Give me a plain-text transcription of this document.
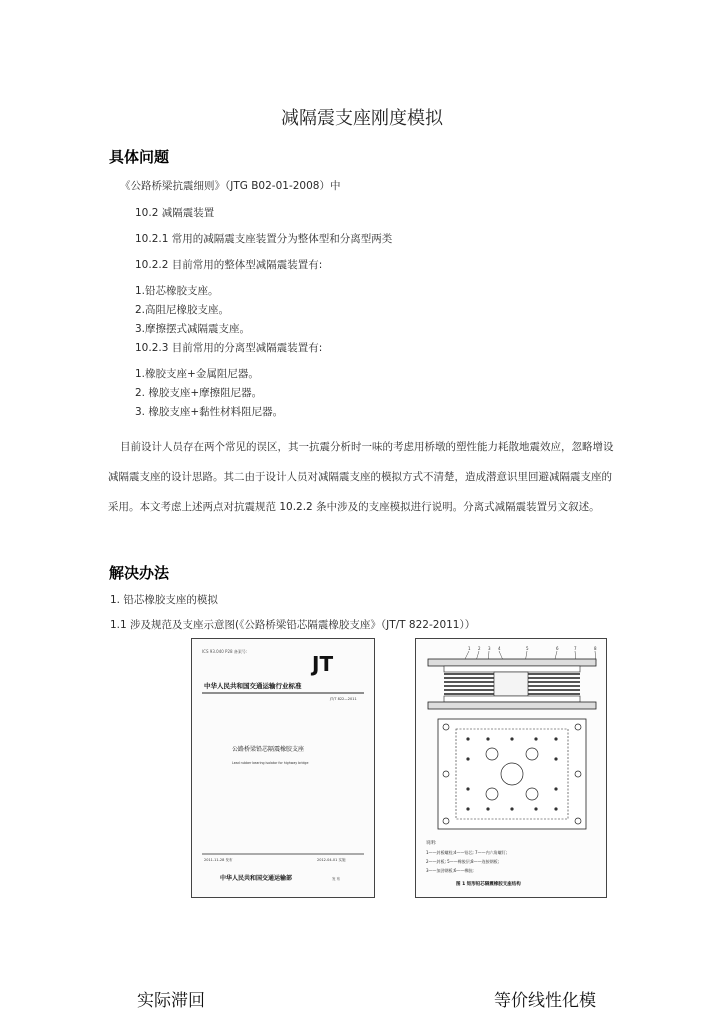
减隔震支座刚度模拟
具体问题
《公路桥梁抗震细则》（JTG B02-01-2008）中
10.2 减隔震装置
10.2.1 常用的减隔震支座装置分为整体型和分离型两类
10.2.2 目前常用的整体型减隔震装置有:
1.铅芯橡胶支座。
2.高阻尼橡胶支座。
3.摩擦摆式减隔震支座。
10.2.3 目前常用的分离型减隔震装置有:
1.橡胶支座+金属阻尼器。
2. 橡胶支座+摩擦阻尼器。
3. 橡胶支座+黏性材料阻尼器。
目前设计人员存在两个常见的误区，其一抗震分析时一味的考虑用桥墩的塑性能力耗散地震效应，忽略增设减隔震支座的设计思路。其二由于设计人员对减隔震支座的模拟方式不清楚，造成潜意识里回避减隔震支座的采用。本文考虑上述两点对抗震规范 10.2.2 条中涉及的支座模拟进行说明。分离式减隔震装置另文叙述。
解决办法
1. 铅芯橡胶支座的模拟
1.1 涉及规范及支座示意图(《公路桥梁铅芯隔震橡胶支座》（JT/T 822-2011））
ICS 93.040 P28 备案号:
JT
中华人民共和国交通运输行业标准
JT/T 822—2011
公路桥梁铅芯隔震橡胶支座
Lead rubber bearing isolator for highway bridge
2011-11-28 发布	2012-04-01 实施
中华人民共和国交通运输部	发 布
1 2 3 4	5	6	7	8
说明:
1——封板螺栓;4——铅芯; 7——内六角螺钉;
2——封板; 5——橡胶层;8——连接钢板;
3——加劲钢板;6——橡胶;
图 1 矩形铅芯隔震橡胶支座结构
实际滞回	等价线性化模
